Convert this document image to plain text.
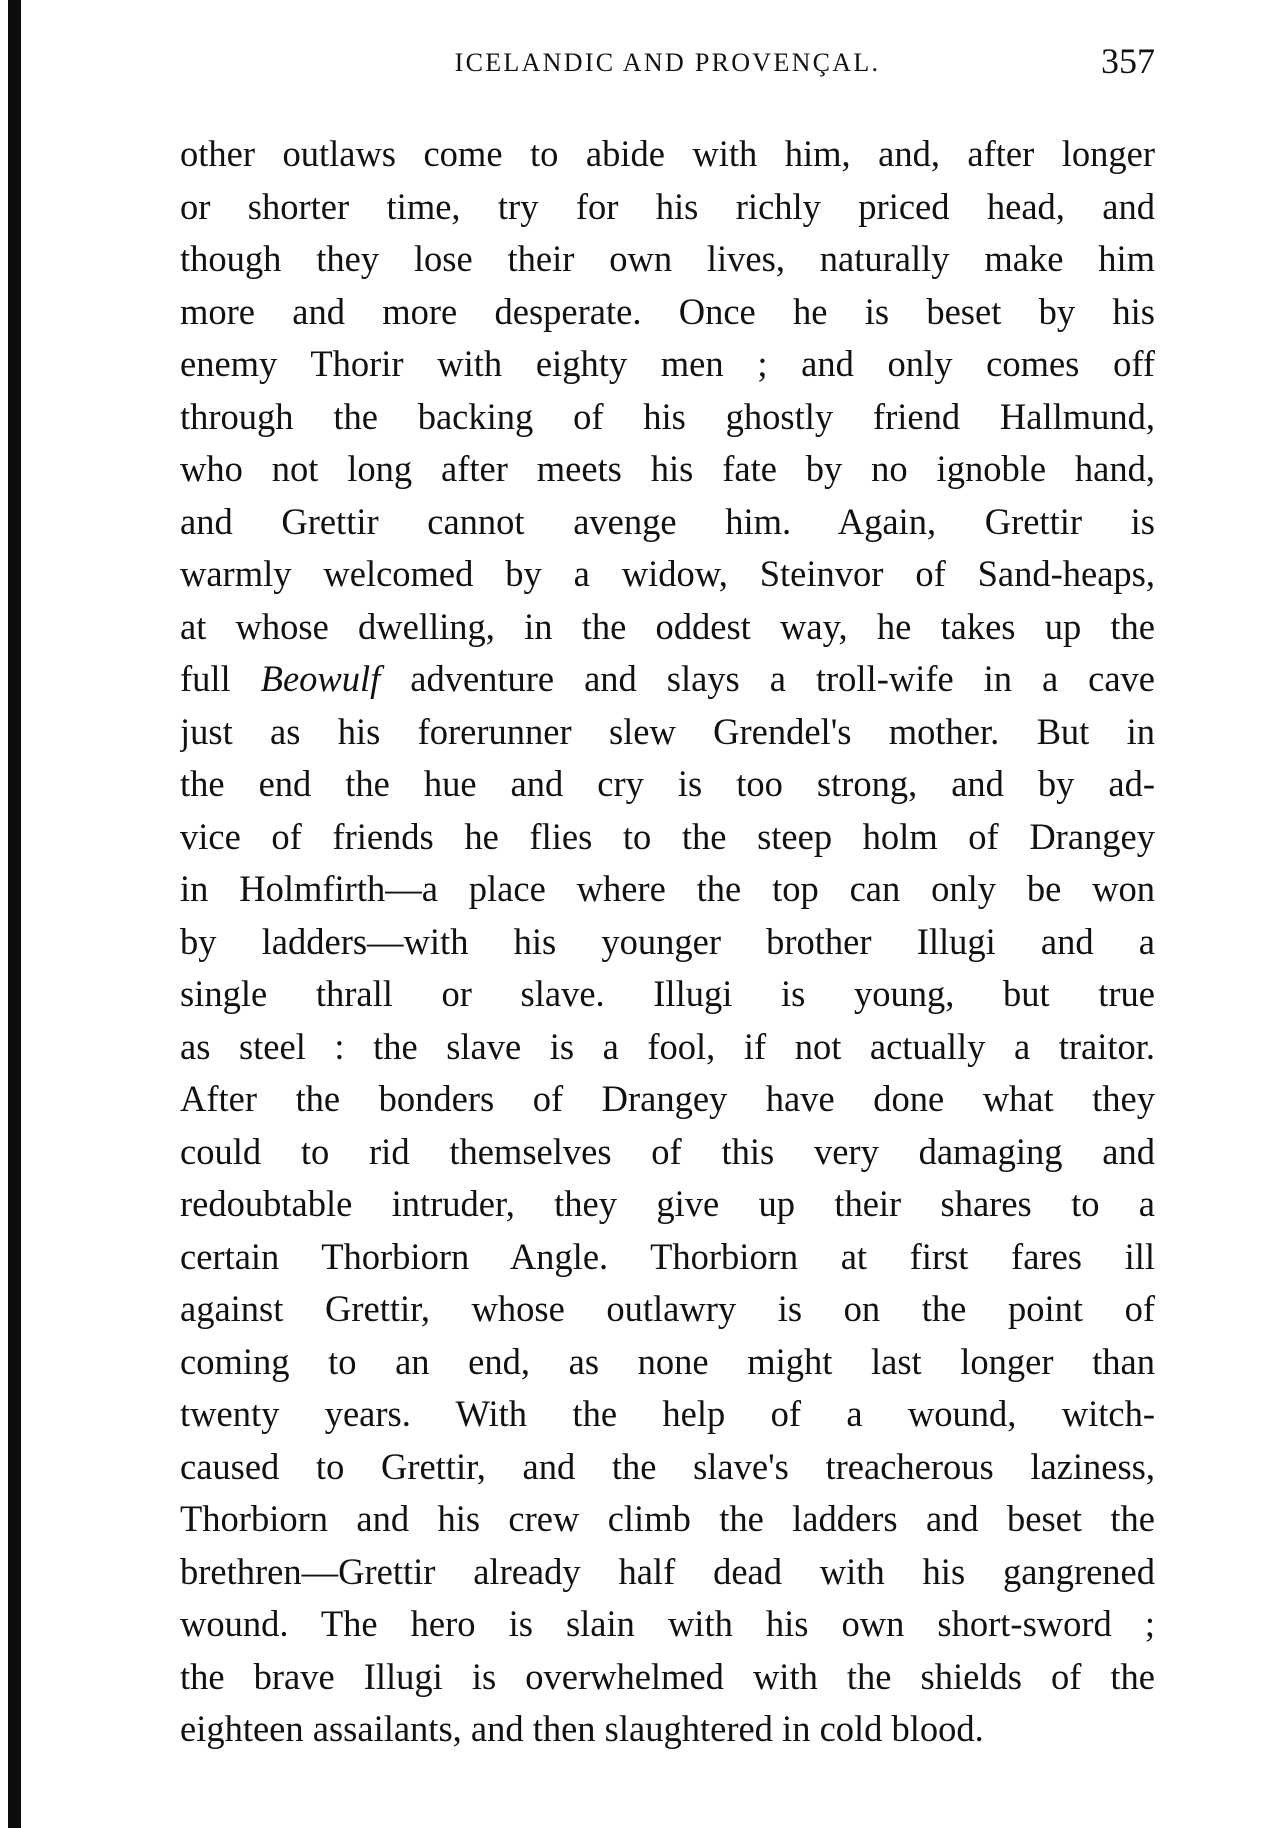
ICELANDIC AND PROVENÇAL.	357
other outlaws come to abide with him, and, after longer
or shorter time, try for his richly priced head, and
though they lose their own lives, naturally make him
more and more desperate. Once he is beset by his
enemy Thorir with eighty men ; and only comes off
through the backing of his ghostly friend Hallmund,
who not long after meets his fate by no ignoble hand,
and Grettir cannot avenge him. Again, Grettir is
warmly welcomed by a widow, Steinvor of Sand-heaps,
at whose dwelling, in the oddest way, he takes up the
full Beowulf adventure and slays a troll-wife in a cave
just as his forerunner slew Grendel's mother. But in
the end the hue and cry is too strong, and by ad-
vice of friends he flies to the steep holm of Drangey
in Holmfirth—a place where the top can only be won
by ladders—with his younger brother Illugi and a
single thrall or slave. Illugi is young, but true
as steel : the slave is a fool, if not actually a traitor.
After the bonders of Drangey have done what they
could to rid themselves of this very damaging and
redoubtable intruder, they give up their shares to a
certain Thorbiorn Angle. Thorbiorn at first fares ill
against Grettir, whose outlawry is on the point of
coming to an end, as none might last longer than
twenty years. With the help of a wound, witch-
caused to Grettir, and the slave's treacherous laziness,
Thorbiorn and his crew climb the ladders and beset the
brethren—Grettir already half dead with his gangrened
wound. The hero is slain with his own short-sword ;
the brave Illugi is overwhelmed with the shields of the
eighteen assailants, and then slaughtered in cold blood.
